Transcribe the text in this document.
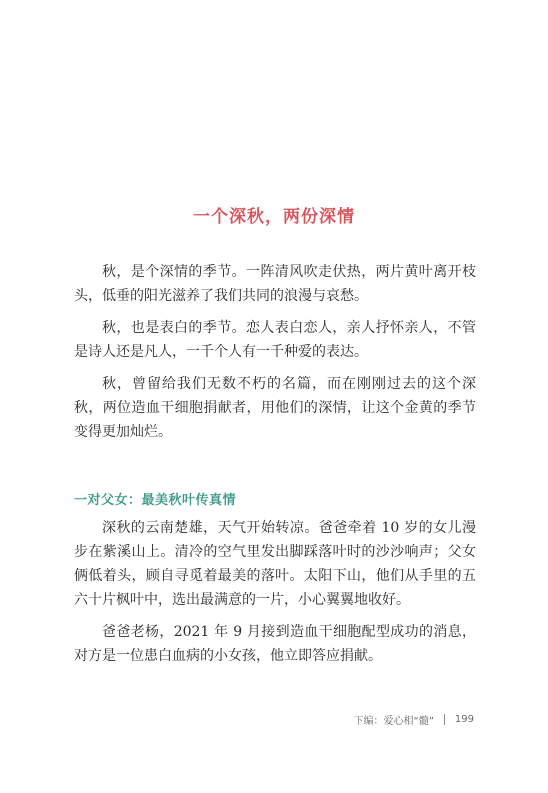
一个深秋，两份深情

秋，是个深情的季节。一阵清风吹走伏热，两片黄叶离开枝头，低垂的阳光滋养了我们共同的浪漫与哀愁。

秋，也是表白的季节。恋人表白恋人，亲人抒怀亲人，不管是诗人还是凡人，一千个人有一千种爱的表达。

秋，曾留给我们无数不朽的名篇，而在刚刚过去的这个深秋，两位造血干细胞捐献者，用他们的深情，让这个金黄的季节变得更加灿烂。

一对父女：最美秋叶传真情

深秋的云南楚雄，天气开始转凉。爸爸牵着 10 岁的女儿漫步在紫溪山上。清冷的空气里发出脚踩落叶时的沙沙响声；父女俩低着头，顾自寻觅着最美的落叶。太阳下山，他们从手里的五六十片枫叶中，选出最满意的一片，小心翼翼地收好。

爸爸老杨，2021 年 9 月接到造血干细胞配型成功的消息，对方是一位患白血病的小女孩，他立即答应捐献。

下编：爱心相“髓” 199
